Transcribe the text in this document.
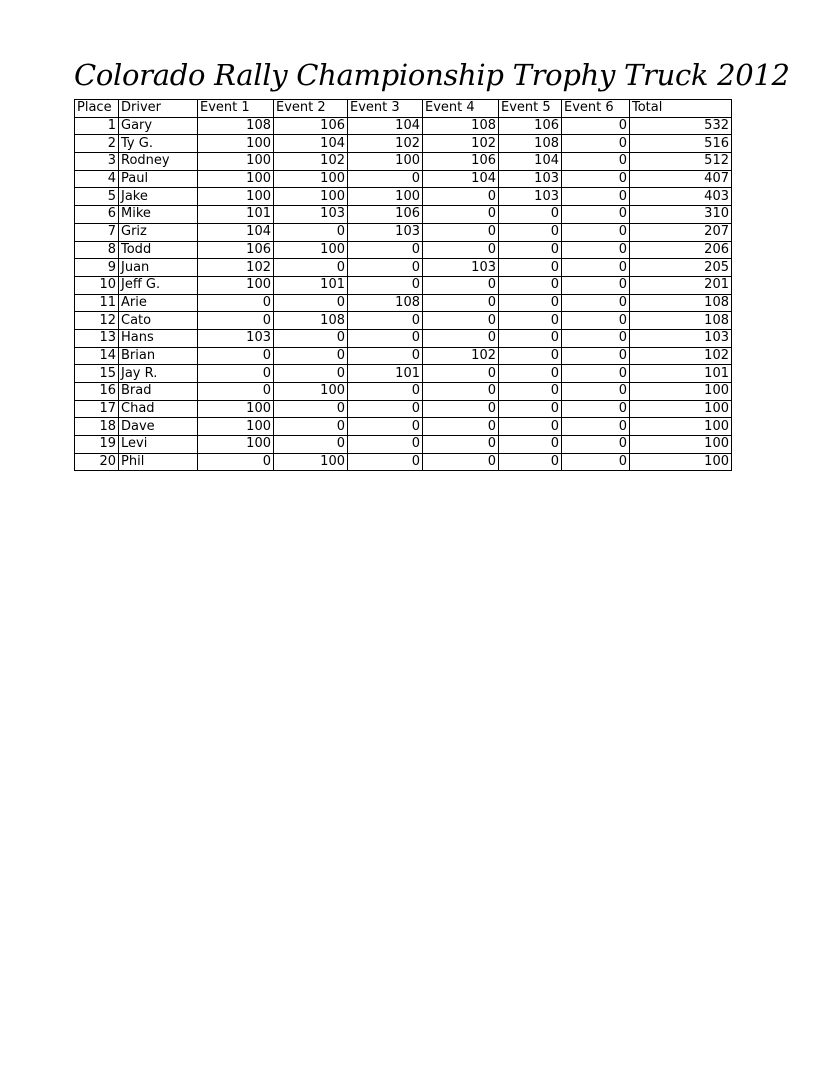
Colorado Rally Championship Trophy Truck 2012
Place	Driver	Event 1	Event 2	Event 3	Event 4	Event 5	Event 6	Total
1	Gary	108	106	104	108	106	0	532
2	Ty G.	100	104	102	102	108	0	516
3	Rodney	100	102	100	106	104	0	512
4	Paul	100	100	0	104	103	0	407
5	Jake	100	100	100	0	103	0	403
6	Mike	101	103	106	0	0	0	310
7	Griz	104	0	103	0	0	0	207
8	Todd	106	100	0	0	0	0	206
9	Juan	102	0	0	103	0	0	205
10	Jeff G.	100	101	0	0	0	0	201
11	Arie	0	0	108	0	0	0	108
12	Cato	0	108	0	0	0	0	108
13	Hans	103	0	0	0	0	0	103
14	Brian	0	0	0	102	0	0	102
15	Jay R.	0	0	101	0	0	0	101
16	Brad	0	100	0	0	0	0	100
17	Chad	100	0	0	0	0	0	100
18	Dave	100	0	0	0	0	0	100
19	Levi	100	0	0	0	0	0	100
20	Phil	0	100	0	0	0	0	100
